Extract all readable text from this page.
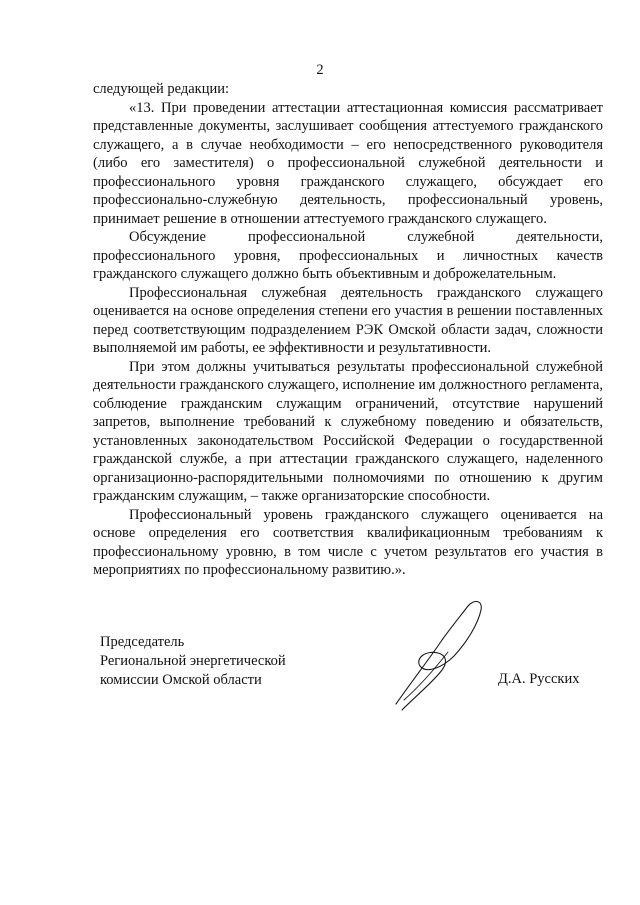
2

следующей редакции:

«13. При проведении аттестации аттестационная комиссия рассматривает представленные документы, заслушивает сообщения аттестуемого гражданского служащего, а в случае необходимости – его непосредственного руководителя (либо его заместителя) о профессиональной служебной деятельности и профессионального уровня гражданского служащего, обсуждает его профессионально-служебную деятельность, профессиональный уровень, принимает решение в отношении аттестуемого гражданского служащего.

Обсуждение профессиональной служебной деятельности, профессионального уровня, профессиональных и личностных качеств гражданского служащего должно быть объективным и доброжелательным.

Профессиональная служебная деятельность гражданского служащего оценивается на основе определения степени его участия в решении поставленных перед соответствующим подразделением РЭК Омской области задач, сложности выполняемой им работы, ее эффективности и результативности.

При этом должны учитываться результаты профессиональной служебной деятельности гражданского служащего, исполнение им должностного регламента, соблюдение гражданским служащим ограничений, отсутствие нарушений запретов, выполнение требований к служебному поведению и обязательств, установленных законодательством Российской Федерации о государственной гражданской службе, а при аттестации гражданского служащего, наделенного организационно-распорядительными полномочиями по отношению к другим гражданским служащим, – также организаторские способности.

Профессиональный уровень гражданского служащего оценивается на основе определения его соответствия квалификационным требованиям к профессиональному уровню, в том числе с учетом результатов его участия в мероприятиях по профессиональному развитию.».

Председатель
Региональной энергетической
комиссии Омской области	Д.А. Русских
